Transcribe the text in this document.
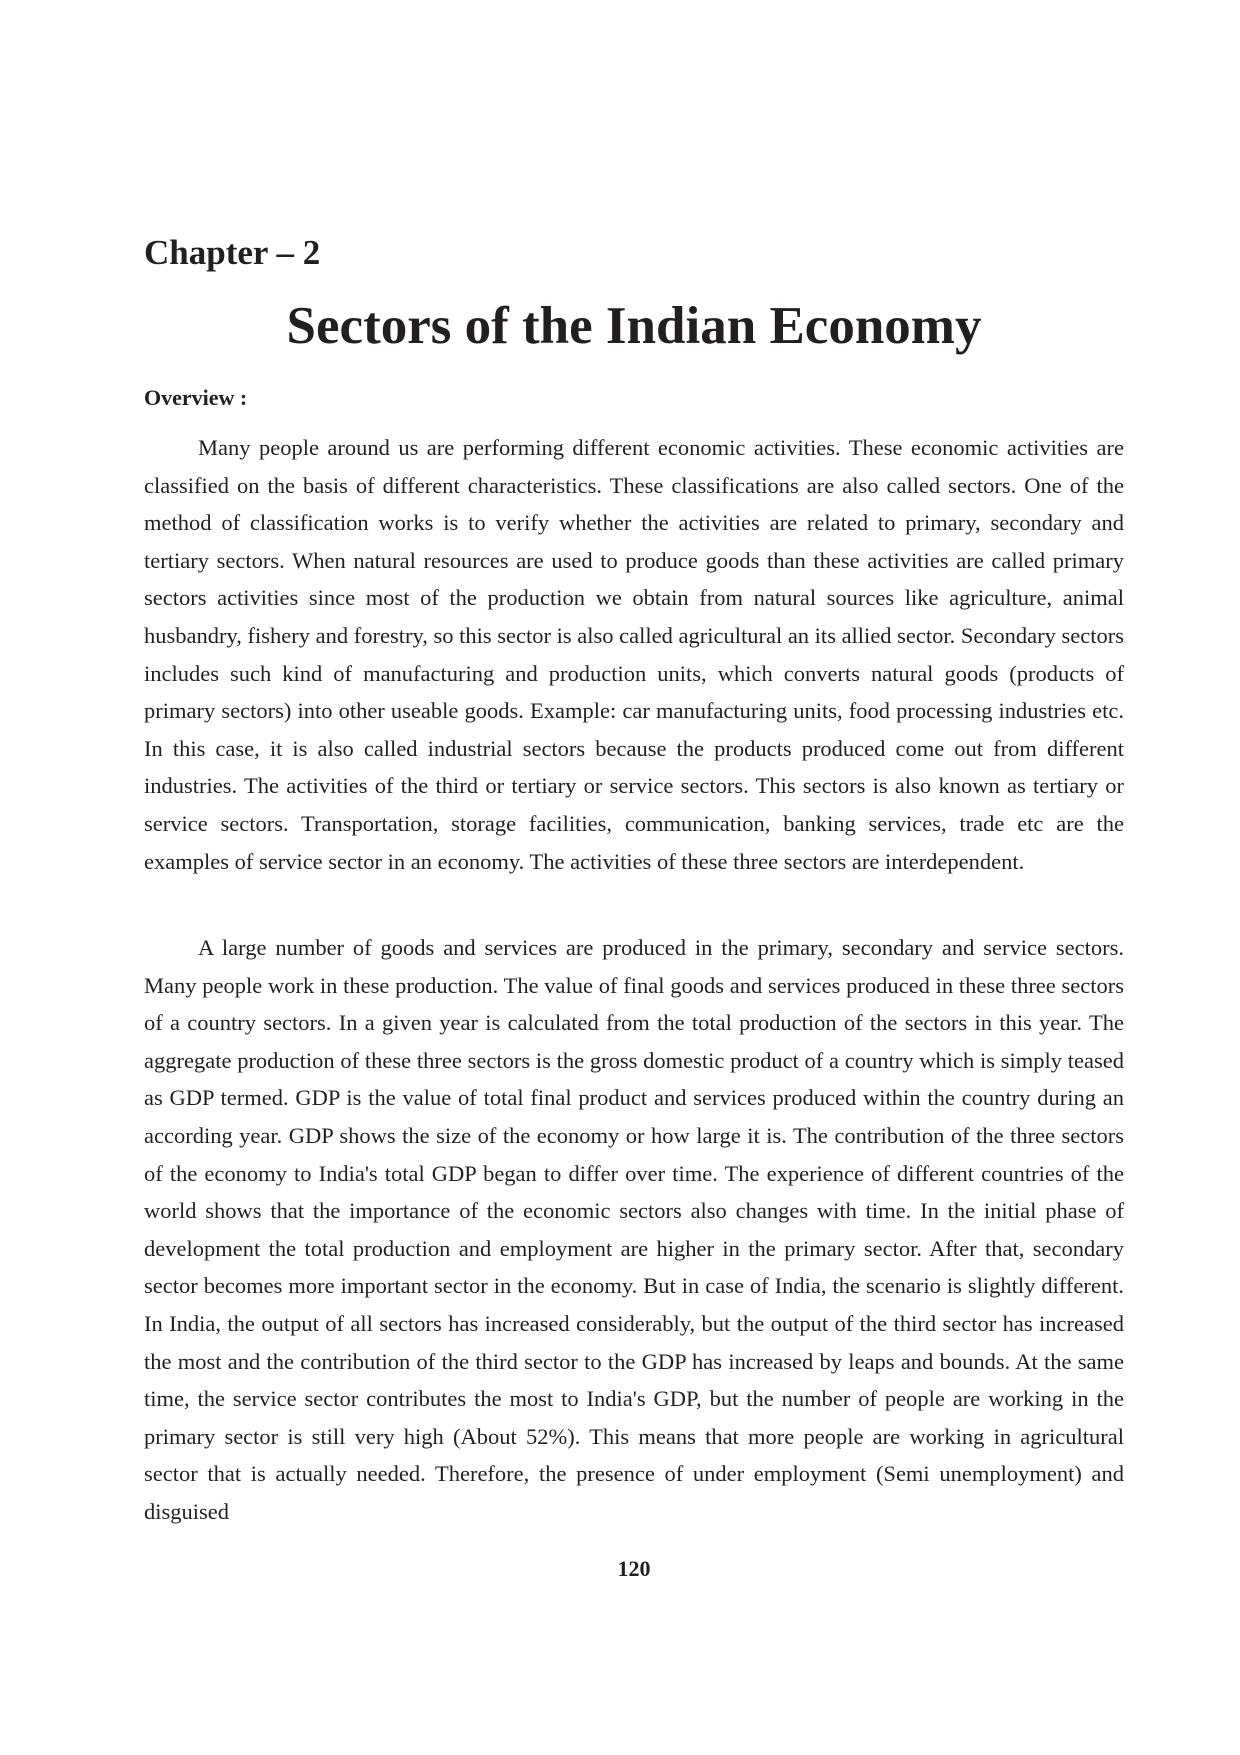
Chapter – 2
Sectors of the Indian Economy
Overview :

Many people around us are performing different economic activities. These economic activities are classified on the basis of different characteristics. These classifications are also called sectors. One of the method of classification works is to verify whether the activities are related to primary, secondary and tertiary sectors. When natural resources are used to produce goods than these activities are called primary sectors activities since most of the production we obtain from natural sources like agriculture, animal husbandry, fishery and forestry, so this sector is also called agricultural an its allied sector. Secondary sectors includes such kind of manufacturing and production units, which converts natural goods (products of primary sectors) into other useable goods. Example: car manufacturing units, food processing industries etc. In this case, it is also called industrial sectors because the products produced come out from different industries. The activities of the third or tertiary or service sectors. This sectors is also known as tertiary or service sectors. Transportation, storage facilities, communication, banking services, trade etc are the examples of service sector in an economy. The activities of these three sectors are interdependent.

A large number of goods and services are produced in the primary, secondary and service sectors. Many people work in these production. The value of final goods and services produced in these three sectors of a country sectors. In a given year is calculated from the total production of the sectors in this year. The aggregate production of these three sectors is the gross domestic product of a country which is simply teased as GDP termed. GDP is the value of total final product and services produced within the country during an according year. GDP shows the size of the economy or how large it is. The contribution of the three sectors of the economy to India's total GDP began to differ over time. The experience of different countries of the world shows that the importance of the economic sectors also changes with time. In the initial phase of development the total production and employment are higher in the primary sector. After that, secondary sector becomes more important sector in the economy. But in case of India, the scenario is slightly different. In India, the output of all sectors has increased considerably, but the output of the third sector has increased the most and the contribution of the third sector to the GDP has increased by leaps and bounds. At the same time, the service sector contributes the most to India's GDP, but the number of people are working in the primary sector is still very high (About 52%). This means that more people are working in agricultural sector that is actually needed. Therefore, the presence of under employment (Semi unemployment) and disguised

120
